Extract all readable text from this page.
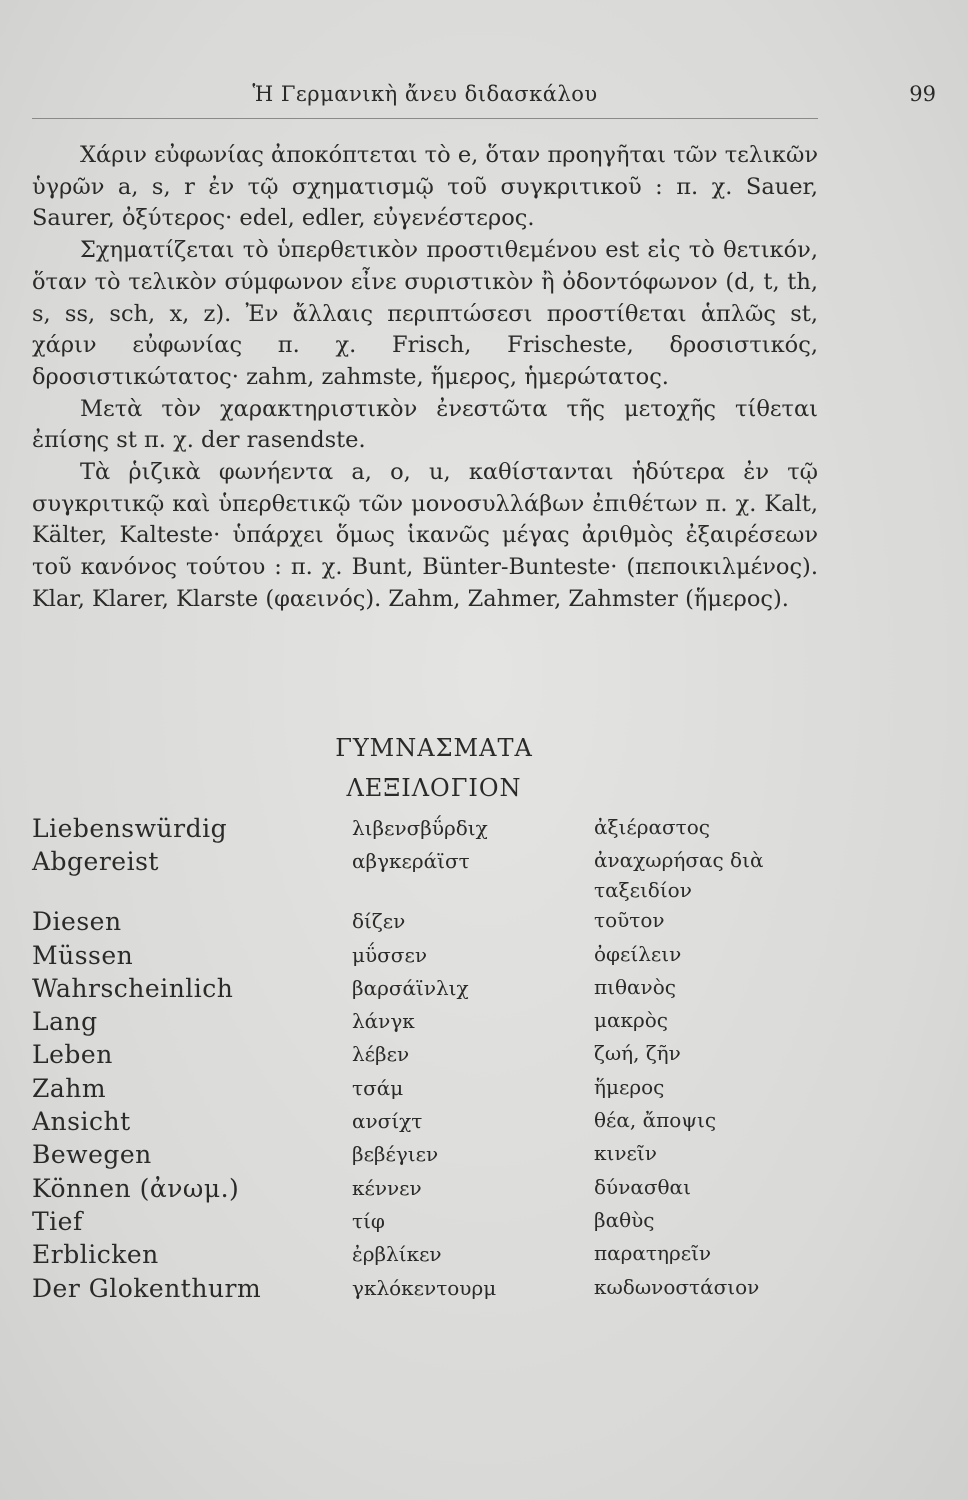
Ἡ Γερμανικὴ ἄνευ διδασκάλου	99

Χάριν εὐφωνίας ἀποκόπτεται τὸ e, ὅταν προηγῆται τῶν τελικῶν ὑγρῶν a, s, r ἐν τῷ σχηματισμῷ τοῦ συγκριτικοῦ : π. χ. Sauer, Saurer, ὀξύτερος· edel, edler, εὐγενέστερος.

Σχηματίζεται τὸ ὑπερθετικὸν προστιθεμένου est εἰς τὸ θετικόν, ὅταν τὸ τελικὸν σύμφωνον εἶνε συριστικὸν ἢ ὀδοντόφωνον (d, t, th, s, ss, sch, x, z). Ἐν ἄλλαις περιπτώσεσι προστίθεται ἁπλῶς st, χάριν εὐφωνίας π. χ. Frisch, Frischeste, δροσιστικός, δροσιστικώτατος· zahm, zahmste, ἥμερος, ἡμερώτατος.

Μετὰ τὸν χαρακτηριστικὸν ἐνεστῶτα τῆς μετοχῆς τίθεται ἐπίσης st π. χ. der rasendste.

Τὰ ῥιζικὰ φωνήεντα a, o, u, καθίστανται ἡδύτερα ἐν τῷ συγκριτικῷ καὶ ὑπερθετικῷ τῶν μονοσυλλάβων ἐπιθέτων π. χ. Kalt, Kälter, Kalteste· ὑπάρχει ὅμως ἱκανῶς μέγας ἀριθμὸς ἐξαιρέσεων τοῦ κανόνος τούτου : π. χ. Bunt, Bünter-Bunteste· (πεποικιλμένος). Klar, Klarer, Klarste (φαεινός). Zahm, Zahmer, Zahmster (ἥμερος).

ΓΥΜΝΑΣΜΑΤΑ
ΛΕΞΙΛΟΓΙΟΝ
Liebenswürdig	λιβενσβΰρδιχ	ἀξιέραστος
Abgereist	αβγκεράϊστ	ἀναχωρήσας διὰ ταξειδίον
Diesen	δίζεν	τοῦτον
Müssen	μΰσσεν	ὀφείλειν
Wahrscheinlich	βαρσάϊνλιχ	πιθανὸς
Lang	λάνγκ	μακρὸς
Leben	λέβεν	ζωή, ζῆν
Zahm	τσάμ	ἥμερος
Ansicht	ανσίχτ	θέα, ἄποψις
Bewegen	βεβέγιεν	κινεῖν
Können (ἀνωμ.)	κέννεν	δύνασθαι
Tief	τίφ	βαθὺς
Erblicken	ἐρβλίκεν	παρατηρεῖν
Der Glokenthurm	γκλόκεντουρμ	κωδωνοστάσιον
